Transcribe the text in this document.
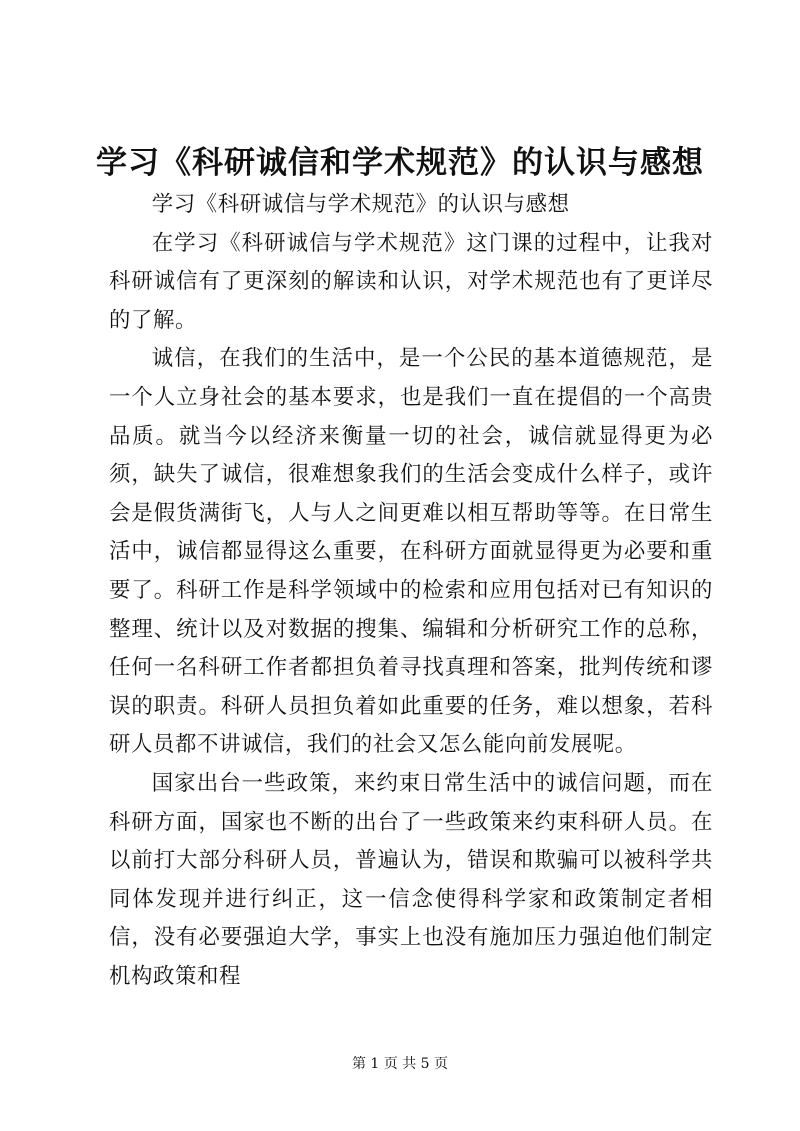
学习《科研诚信和学术规范》的认识与感想

学习《科研诚信与学术规范》的认识与感想

在学习《科研诚信与学术规范》这门课的过程中，让我对科研诚信有了更深刻的解读和认识，对学术规范也有了更详尽的了解。

诚信，在我们的生活中，是一个公民的基本道德规范，是一个人立身社会的基本要求，也是我们一直在提倡的一个高贵品质。就当今以经济来衡量一切的社会，诚信就显得更为必须，缺失了诚信，很难想象我们的生活会变成什么样子，或许会是假货满街飞，人与人之间更难以相互帮助等等。在日常生活中，诚信都显得这么重要，在科研方面就显得更为必要和重要了。科研工作是科学领域中的检索和应用包括对已有知识的整理、统计以及对数据的搜集、编辑和分析研究工作的总称，任何一名科研工作者都担负着寻找真理和答案，批判传统和谬误的职责。科研人员担负着如此重要的任务，难以想象，若科研人员都不讲诚信，我们的社会又怎么能向前发展呢。

国家出台一些政策，来约束日常生活中的诚信问题，而在科研方面，国家也不断的出台了一些政策来约束科研人员。在以前打大部分科研人员，普遍认为，错误和欺骗可以被科学共同体发现并进行纠正，这一信念使得科学家和政策制定者相信，没有必要强迫大学，事实上也没有施加压力强迫他们制定机构政策和程

第 1 页 共 5 页
